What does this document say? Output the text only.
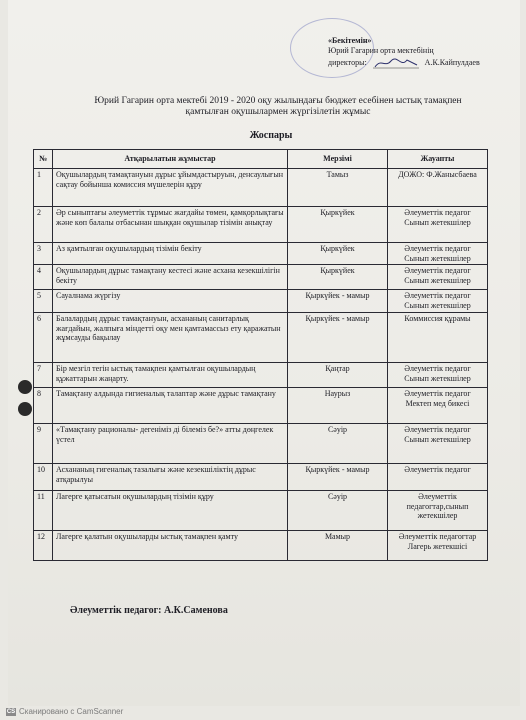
«Бекітемін»
Юрий Гагарин орта мектебінің
директоры:	А.К.Кайпулдаев
Юрий Гагарин орта мектебі 2019 - 2020 оқу жылындағы бюджет есебінен ыстық тамақпен қамтылған оқушылармен жүргізілетін жұмыс
Жоспары
№	Атқарылатын жұмыстар	Мерзімі	Жауапты
1	Оқушылардың тамақтануын дұрыс ұйымдастыруын, денсаулығын сақтау бойынша комиссия мүшелерін құру	Тамыз	ДОЖО: Ф.Жанысбаева
2	Әр сыныптағы әлеуметтік тұрмыс жағдайы төмен, қамқорлықтағы және көп балалы отбасынан шыққан оқушылар тізімін анықтау	Қыркүйек	Әлеуметтік педагог Сынып жетекшілер
3	Аз қамтылған оқушылардың тізімін бекіту	Қыркүйек	Әлеуметтік педагог Сынып жетекшілер
4	Оқушылардың дұрыс тамақтану кестесі және асхана кезекшілігін бекіту	Қыркүйек	Әлеуметтік педагог Сынып жетекшілер
5	Сауалнама жүргізу	Қыркүйек - мамыр	Әлеуметтік педагог Сынып жетекшілер
6	Балалардың дұрыс тамақтануын, асхананың санитарлық жағдайын, жалпыға міндетті оқу мен қамтамассыз ету қаражатын жұмсауды бақылау	Қыркүйек - мамыр	Коммиссия құрамы
7	Бір мезгіл тегін ыстық тамақпен қамтылған оқушылардың құжаттарын жаңарту.	Қаңтар	Әлеуметтік педагог Сынып жетекшілер
8	Тамақтану алдында гигиеналық талаптар және дұрыс тамақтану	Наурыз	Әлеуметтік педагог Мектеп мед бикесі
9	«Тамақтану рационалы- дегеніміз ді білеміз бе?» атты дөңгелек үстел	Сәуір	Әлеуметтік педагог Сынып жетекшілер
10	Асхананың гигеналық тазалығы және кезекшіліктің дұрыс атқарылуы	Қыркүйек - мамыр	Әлеуметтік педагог
11	Лагерге қатысатын оқушылардың тізімін құру	Сәуір	Әлеуметтік педагогтар,сынып жетекшілер
12	Лагерге қалатын оқушыларды ыстық тамақпен қамту	Мамыр	Әлеуметтік педагогтар Лагерь жетекшісі
Әлеуметтік педагог: А.К.Саменова
CS Сканировано с CamScanner
